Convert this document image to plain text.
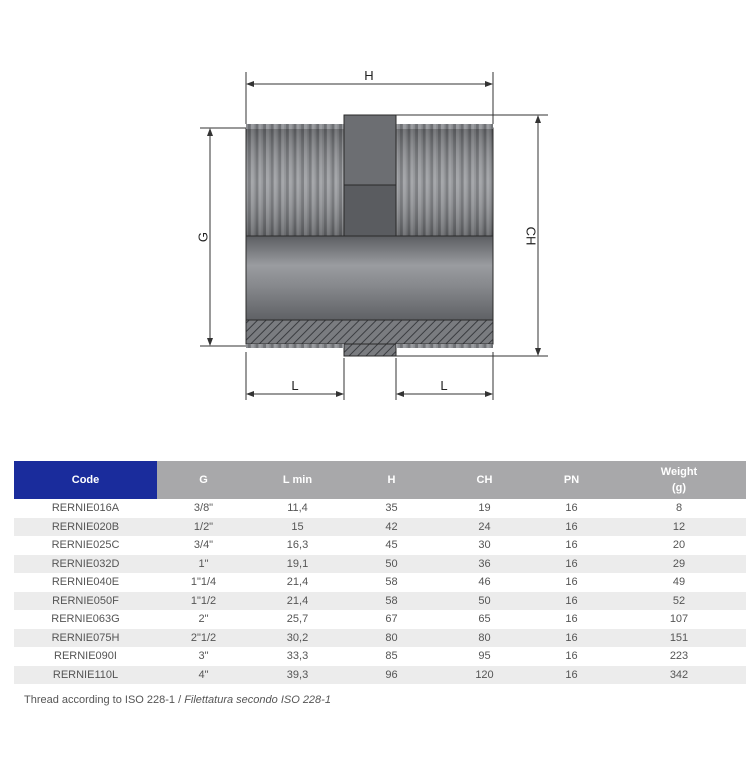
H
G	CH
L	L
Code	G	L min	H	CH	PN	Weight
(g)

RERNIE016A	3/8"	11,4	35	19	16	8
RERNIE020B	1/2"	15	42	24	16	12
RERNIE025C	3/4"	16,3	45	30	16	20
RERNIE032D	1"	19,1	50	36	16	29
RERNIE040E	1"1/4	21,4	58	46	16	49
RERNIE050F	1"1/2	21,4	58	50	16	52
RERNIE063G	2"	25,7	67	65	16	107
RERNIE075H	2"1/2	30,2	80	80	16	151
RERNIE090I	3"	33,3	85	95	16	223
RERNIE110L	4"	39,3	96	120	16	342
Thread according to ISO 228-1 / Filettatura secondo ISO 228-1
